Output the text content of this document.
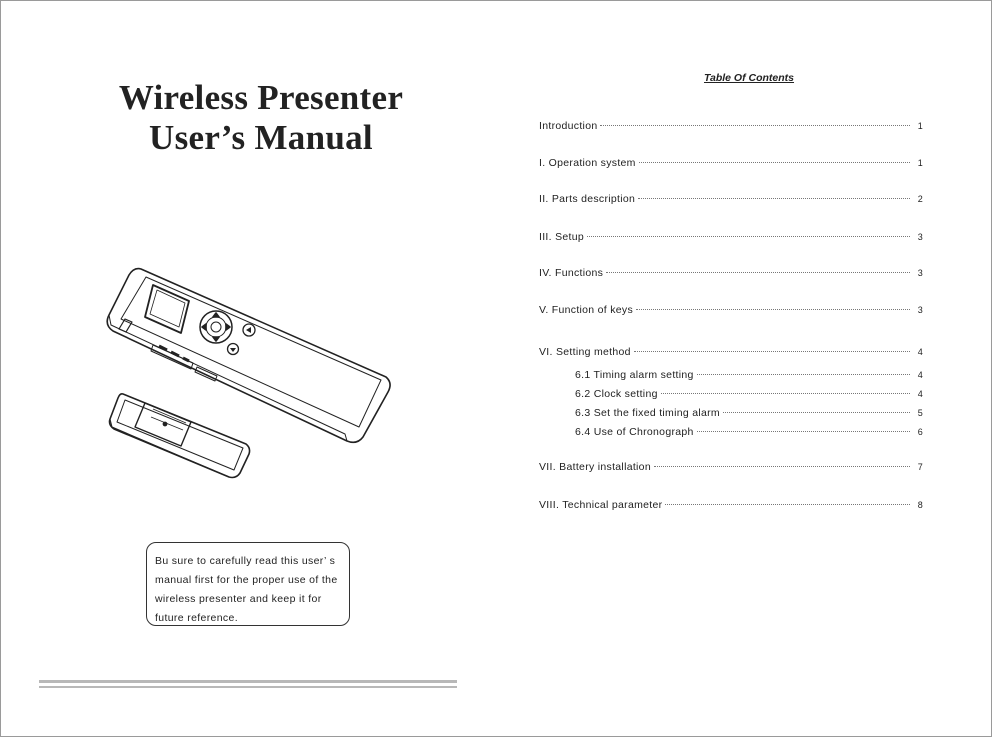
Wireless Presenter
User’s Manual
Bu sure to carefully read this user’ s manual first for the proper use of the wireless presenter and keep it for future reference.
Table Of Contents
Introduction	1
I. Operation system	1
II. Parts description	2
III. Setup	3
IV. Functions	3
V. Function of keys	3
VI. Setting method	4
6.1 Timing alarm setting	4
6.2 Clock setting	4
6.3 Set the fixed timing alarm	5
6.4 Use of Chronograph	6
VII. Battery installation	7
VIII. Technical parameter	8
